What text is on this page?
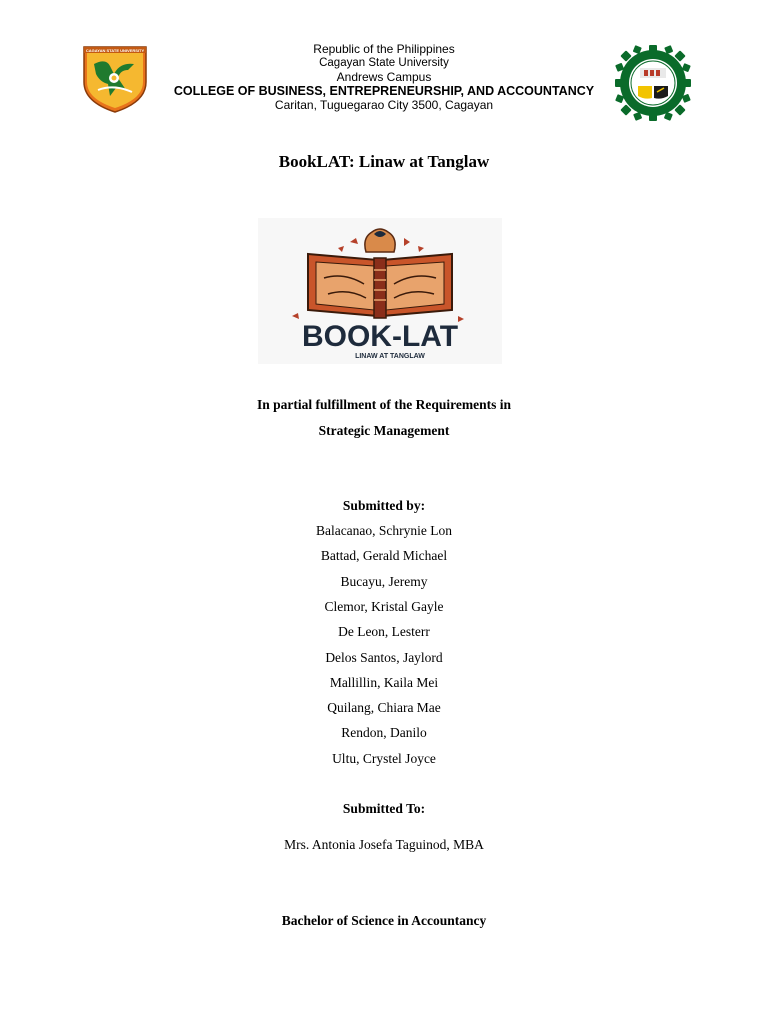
CAGAYAN STATE UNIVERSITY	Republic of the Philippines
Cagayan State University
Andrews Campus
COLLEGE OF BUSINESS, ENTREPRENEURSHIP, AND ACCOUNTANCY
Caritan, Tuguegarao City 3500, Cagayan
BookLAT: Linaw at Tanglaw
BOOK-LAT
LINAW AT TANGLAW
In partial fulfillment of the Requirements in
Strategic Management
Submitted by:
Balacanao, Schrynie Lon
Battad, Gerald Michael
Bucayu, Jeremy
Clemor, Kristal Gayle
De Leon, Lesterr
Delos Santos, Jaylord
Mallillin, Kaila Mei
Quilang, Chiara Mae
Rendon, Danilo
Ultu, Crystel Joyce
Submitted To:
Mrs. Antonia Josefa Taguinod, MBA
Bachelor of Science in Accountancy
